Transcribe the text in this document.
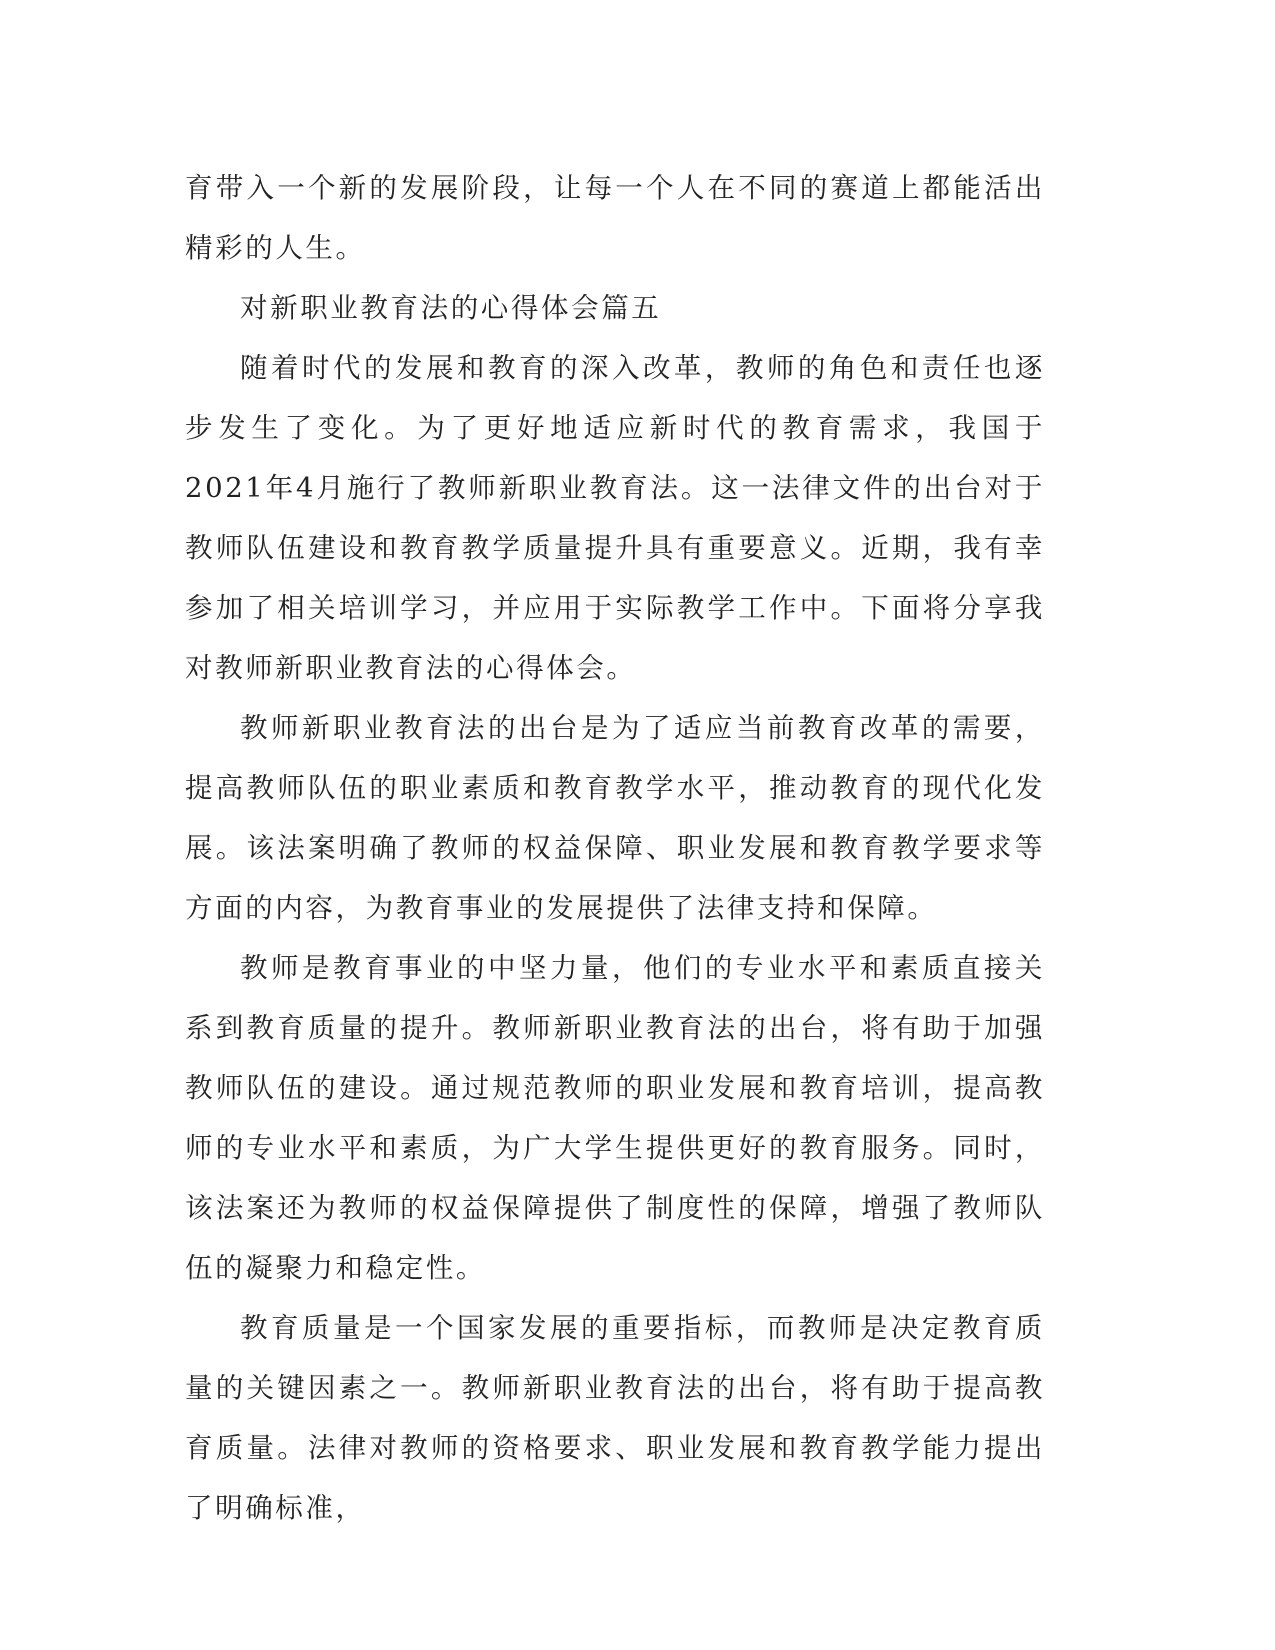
育带入一个新的发展阶段，让每一个人在不同的赛道上都能活出精彩的人生。

对新职业教育法的心得体会篇五

随着时代的发展和教育的深入改革，教师的角色和责任也逐步发生了变化。为了更好地适应新时代的教育需求，我国于2021年4月施行了教师新职业教育法。这一法律文件的出台对于教师队伍建设和教育教学质量提升具有重要意义。近期，我有幸参加了相关培训学习，并应用于实际教学工作中。下面将分享我对教师新职业教育法的心得体会。

教师新职业教育法的出台是为了适应当前教育改革的需要，提高教师队伍的职业素质和教育教学水平，推动教育的现代化发展。该法案明确了教师的权益保障、职业发展和教育教学要求等方面的内容，为教育事业的发展提供了法律支持和保障。

教师是教育事业的中坚力量，他们的专业水平和素质直接关系到教育质量的提升。教师新职业教育法的出台，将有助于加强教师队伍的建设。通过规范教师的职业发展和教育培训，提高教师的专业水平和素质，为广大学生提供更好的教育服务。同时，该法案还为教师的权益保障提供了制度性的保障，增强了教师队伍的凝聚力和稳定性。

教育质量是一个国家发展的重要指标，而教师是决定教育质量的关键因素之一。教师新职业教育法的出台，将有助于提高教育质量。法律对教师的资格要求、职业发展和教育教学能力提出了明确标准，
